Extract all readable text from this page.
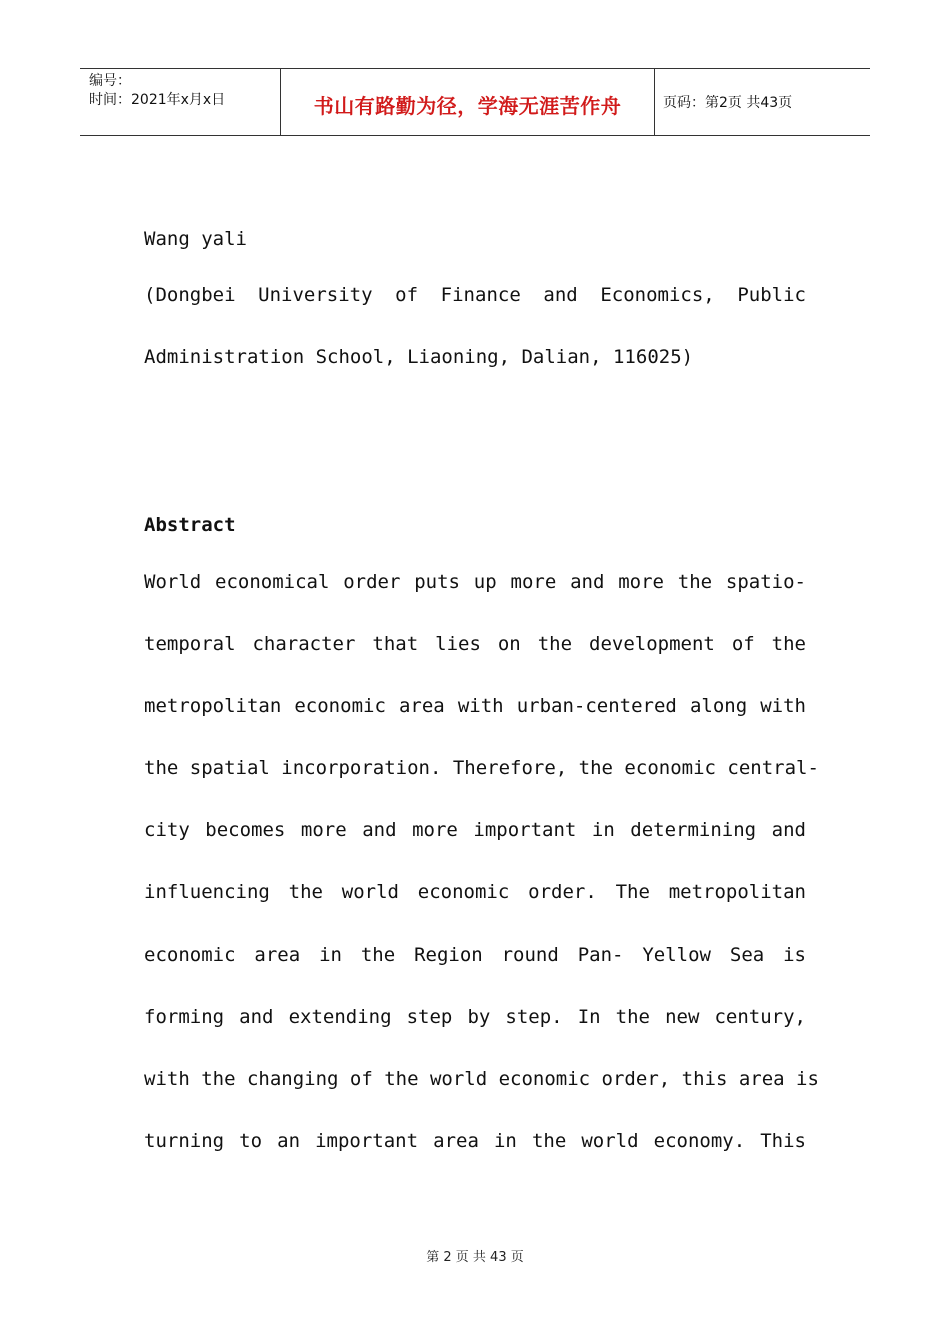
编号：
时间：2021年x月x日	书山有路勤为径，学海无涯苦作舟	页码：第2页 共43页
Wang yali
(Dongbei University of Finance and Economics, Public
Administration School, Liaoning, Dalian, 116025)
Abstract
World economical order puts up more and more the spatio-
temporal character that lies on the development of the
metropolitan economic area with urban-centered along with
the spatial incorporation. Therefore, the economic central-
city becomes more and more important in determining and
influencing the world economic order. The metropolitan
economic area in the Region round Pan- Yellow Sea is
forming and extending step by step. In the new century,
with the changing of the world economic order, this area is
turning to an important area in the world economy. This
第 2 页 共 43 页
